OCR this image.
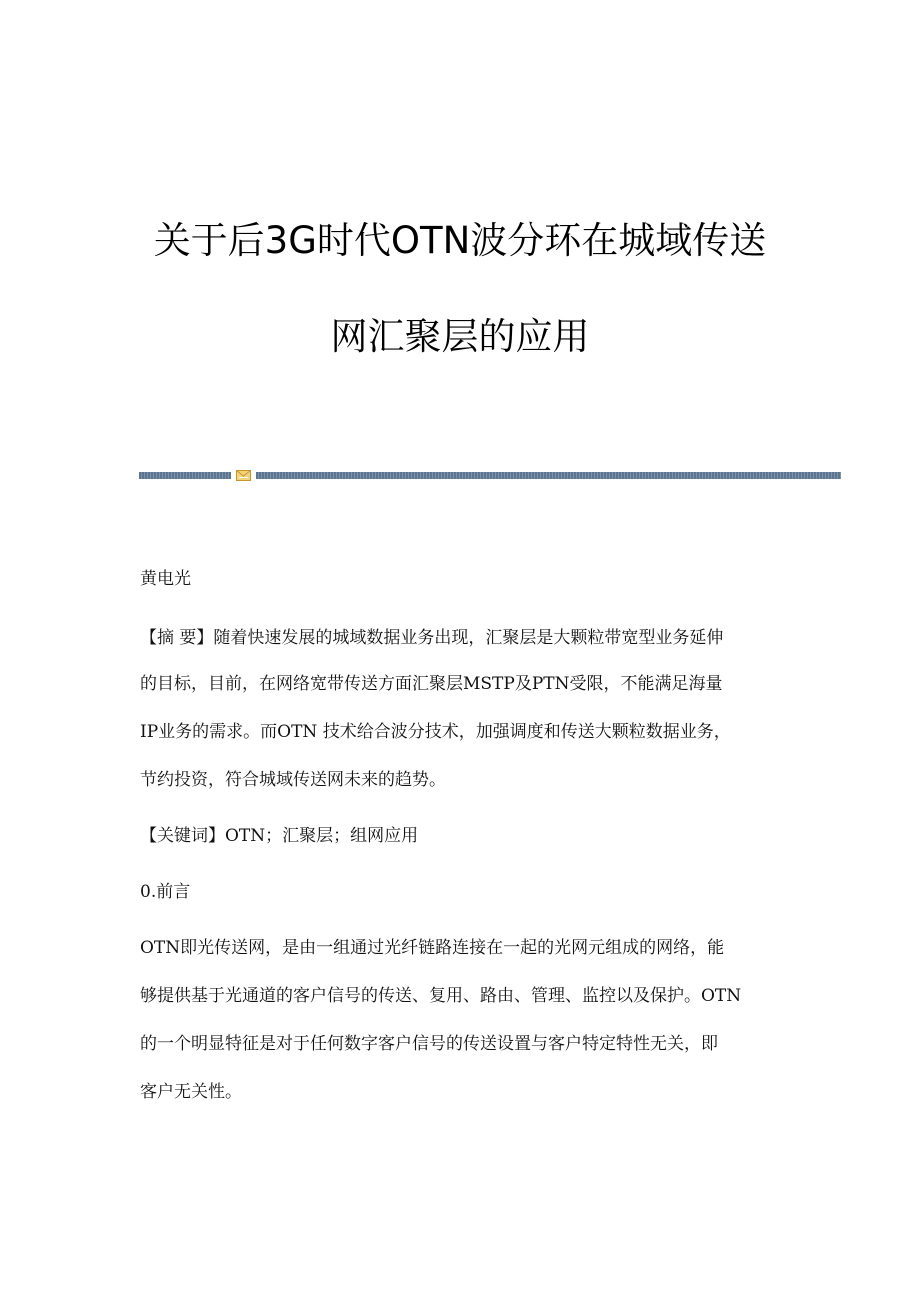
关于后3G时代OTN波分环在城域传送
网汇聚层的应用
黄电光
【摘 要】随着快速发展的城域数据业务出现，汇聚层是大颗粒带宽型业务延伸
的目标，目前，在网络宽带传送方面汇聚层MSTP及PTN受限，不能满足海量
IP业务的需求。而OTN 技术给合波分技术，加强调度和传送大颗粒数据业务，
节约投资，符合城域传送网未来的趋势。
【关键词】OTN；汇聚层；组网应用
0.前言
OTN即光传送网，是由一组通过光纤链路连接在一起的光网元组成的网络，能
够提供基于光通道的客户信号的传送、复用、路由、管理、监控以及保护。OTN
的一个明显特征是对于任何数字客户信号的传送设置与客户特定特性无关，即
客户无关性。
